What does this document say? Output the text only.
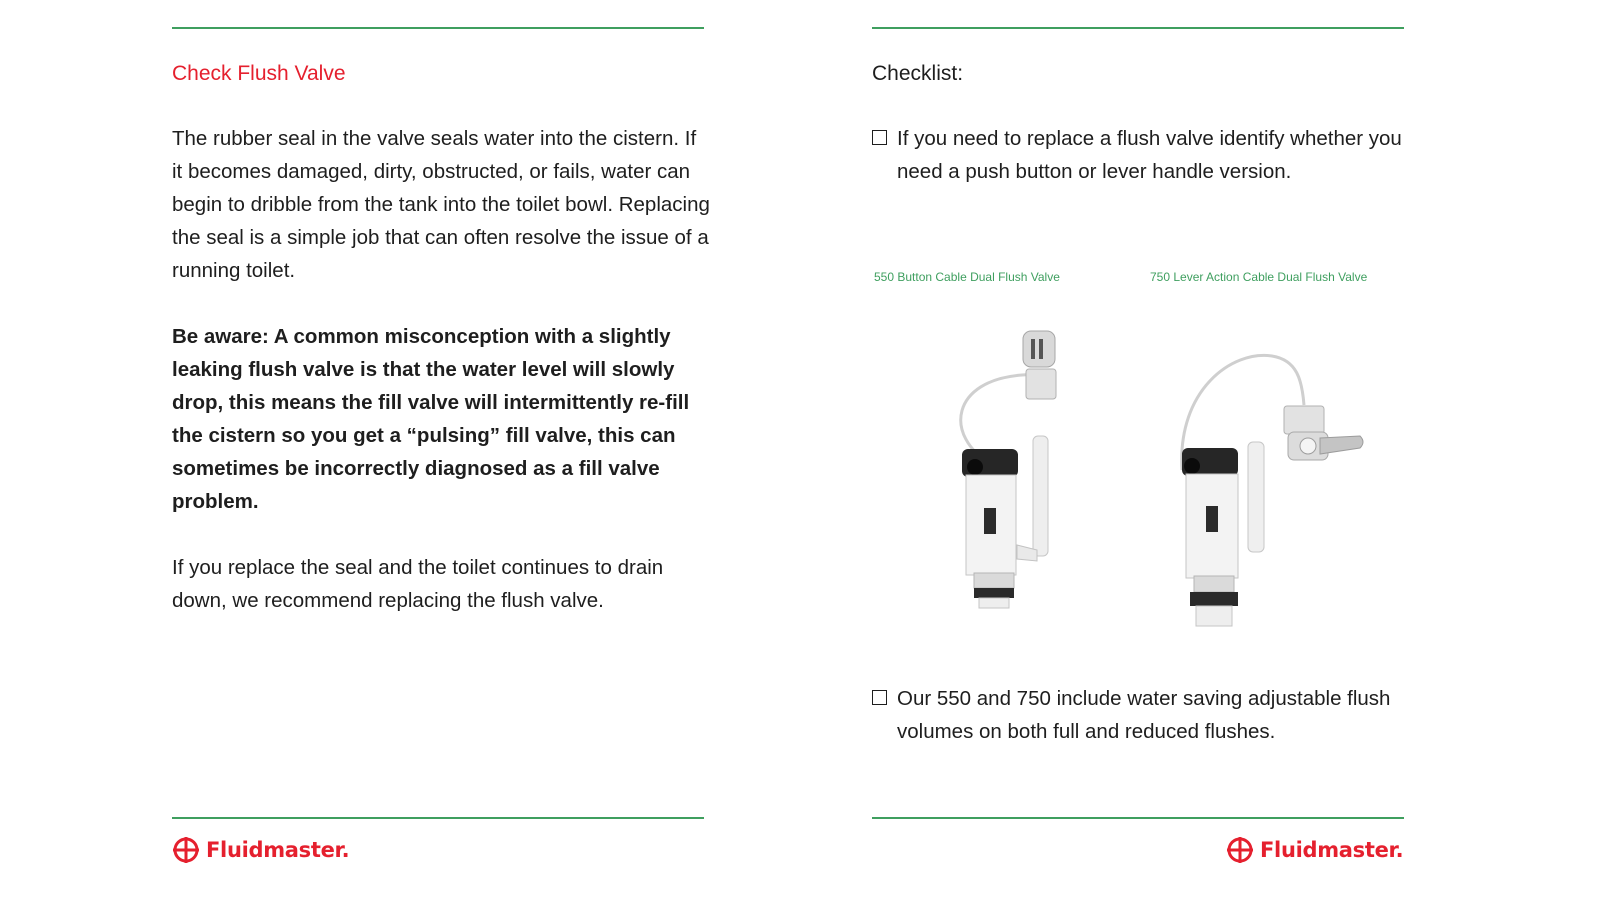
Check Flush Valve

The rubber seal in the valve seals water into the cistern. If it becomes damaged, dirty, obstructed, or fails, water can begin to dribble from the tank into the toilet bowl. Replacing the seal is a simple job that can often resolve the issue of a running toilet.

Be aware: A common misconception with a slightly leaking flush valve is that the water level will slowly drop, this means the fill valve will intermittently re-fill the cistern so you get a “pulsing” fill valve, this can sometimes be incorrectly diagnosed as a fill valve problem.

If you replace the seal and the toilet continues to drain down, we recommend replacing the flush valve.

Fluidmaster.
Checklist:

If you need to replace a flush valve identify whether you need a push button or lever handle version.

550 Button Cable Dual Flush Valve	750 Lever Action Cable Dual Flush Valve

Our 550 and 750 include water saving adjustable flush volumes on both full and reduced flushes.

Fluidmaster.
